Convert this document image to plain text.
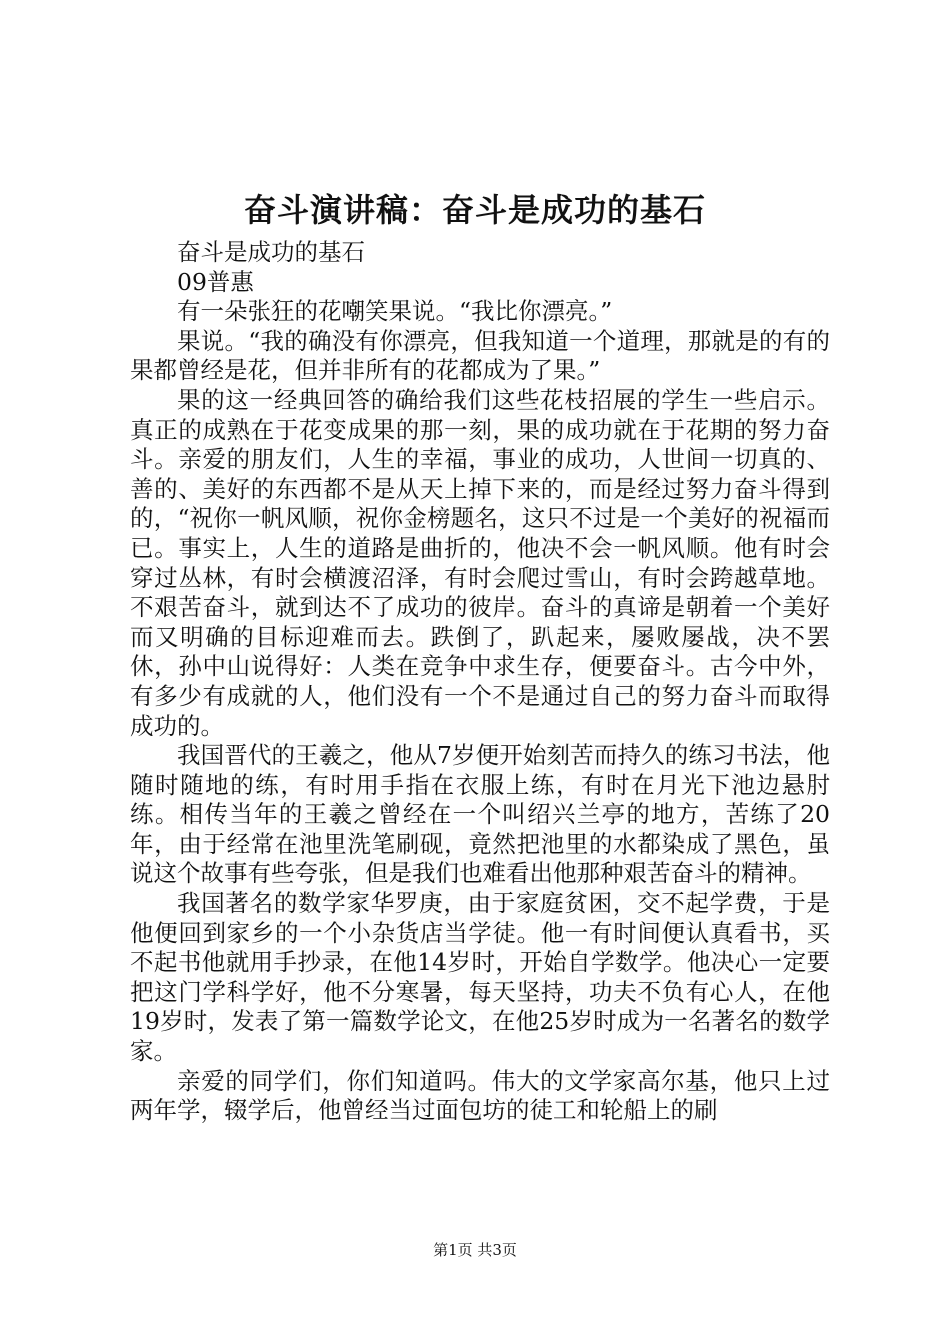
奋斗演讲稿：奋斗是成功的基石

奋斗是成功的基石

09普惠

有一朵张狂的花嘲笑果说。“我比你漂亮。”

果说。“我的确没有你漂亮，但我知道一个道理，那就是的有的果都曾经是花，但并非所有的花都成为了果。”

果的这一经典回答的确给我们这些花枝招展的学生一些启示。真正的成熟在于花变成果的那一刻，果的成功就在于花期的努力奋斗。亲爱的朋友们，人生的幸福，事业的成功，人世间一切真的、善的、美好的东西都不是从天上掉下来的，而是经过努力奋斗得到的，“祝你一帆风顺，祝你金榜题名，这只不过是一个美好的祝福而已。事实上，人生的道路是曲折的，他决不会一帆风顺。他有时会穿过丛林，有时会横渡沼泽，有时会爬过雪山，有时会跨越草地。不艰苦奋斗，就到达不了成功的彼岸。奋斗的真谛是朝着一个美好而又明确的目标迎难而去。跌倒了，趴起来，屡败屡战，决不罢休，孙中山说得好：人类在竞争中求生存，便要奋斗。古今中外，有多少有成就的人，他们没有一个不是通过自己的努力奋斗而取得成功的。

我国晋代的王羲之，他从7岁便开始刻苦而持久的练习书法，他随时随地的练，有时用手指在衣服上练，有时在月光下池边悬肘练。相传当年的王羲之曾经在一个叫绍兴兰亭的地方，苦练了20年，由于经常在池里洗笔刷砚，竟然把池里的水都染成了黑色，虽说这个故事有些夸张，但是我们也难看出他那种艰苦奋斗的精神。

我国著名的数学家华罗庚，由于家庭贫困，交不起学费，于是他便回到家乡的一个小杂货店当学徒。他一有时间便认真看书，买不起书他就用手抄录，在他14岁时，开始自学数学。他决心一定要把这门学科学好，他不分寒暑，每天坚持，功夫不负有心人，在他19岁时，发表了第一篇数学论文，在他25岁时成为一名著名的数学家。

亲爱的同学们，你们知道吗。伟大的文学家高尔基，他只上过两年学，辍学后，他曾经当过面包坊的徒工和轮船上的刷

第1页 共3页
